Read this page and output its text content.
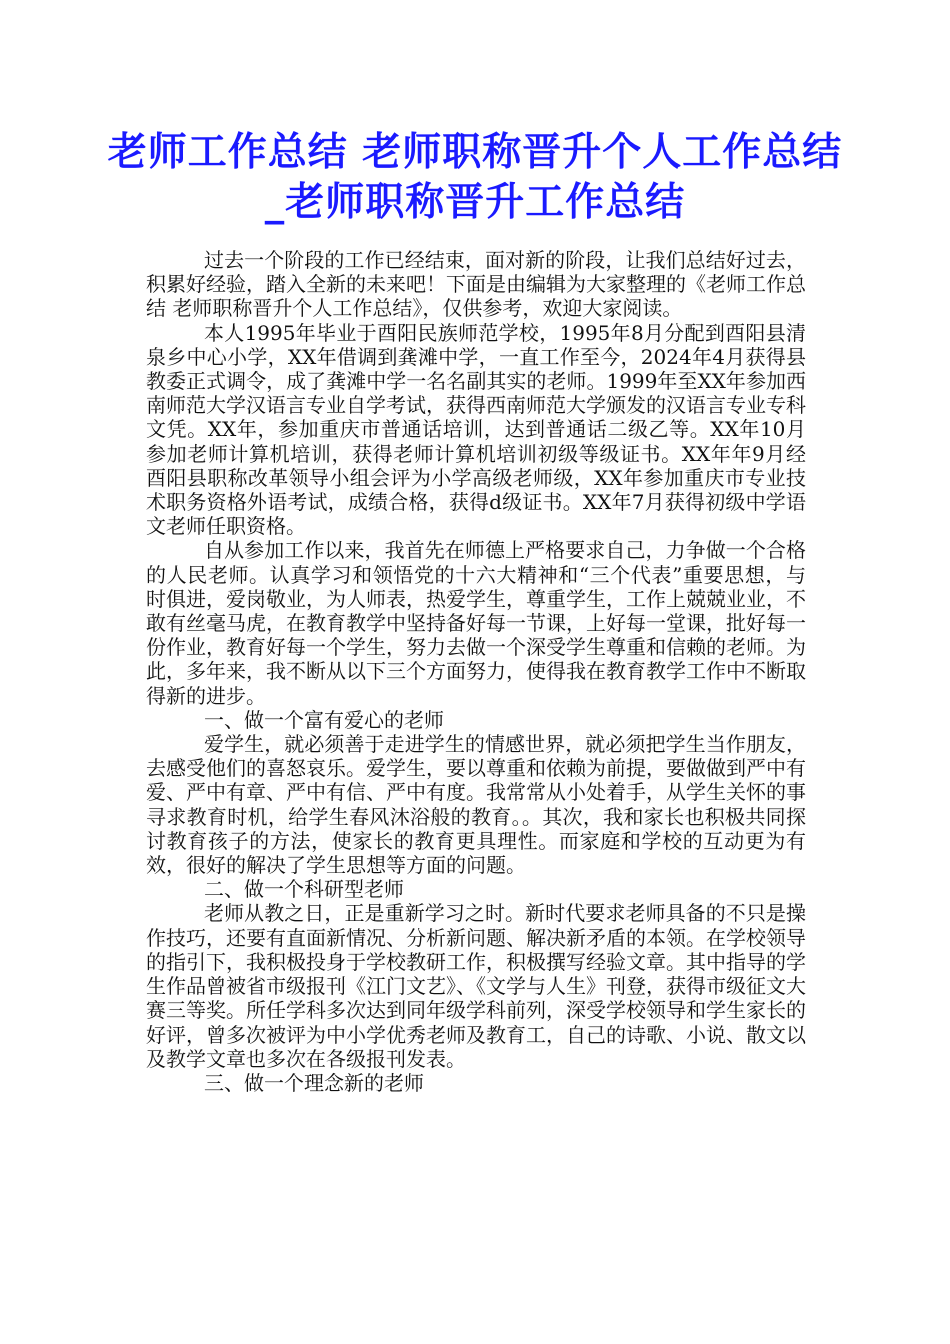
老师工作总结 老师职称晋升个人工作总结_老师职称晋升工作总结

过去一个阶段的工作已经结束，面对新的阶段，让我们总结好过去，积累好经验，踏入全新的未来吧！下面是由编辑为大家整理的《老师工作总结 老师职称晋升个人工作总结》，仅供参考，欢迎大家阅读。

本人1995年毕业于酉阳民族师范学校，1995年8月分配到酉阳县清泉乡中心小学，XX年借调到龚滩中学，一直工作至今，2024年4月获得县教委正式调令，成了龚滩中学一名名副其实的老师。1999年至XX年参加西南师范大学汉语言专业自学考试，获得西南师范大学颁发的汉语言专业专科文凭。XX年，参加重庆市普通话培训，达到普通话二级乙等。XX年10月参加老师计算机培训，获得老师计算机培训初级等级证书。XX年年9月经酉阳县职称改革领导小组会评为小学高级老师级，XX年参加重庆市专业技术职务资格外语考试，成绩合格，获得d级证书。XX年7月获得初级中学语文老师任职资格。

自从参加工作以来，我首先在师德上严格要求自己，力争做一个合格的人民老师。认真学习和领悟党的十六大精神和“三个代表”重要思想，与时俱进，爱岗敬业，为人师表，热爱学生，尊重学生，工作上兢兢业业，不敢有丝毫马虎，在教育教学中坚持备好每一节课，上好每一堂课，批好每一份作业，教育好每一个学生，努力去做一个深受学生尊重和信赖的老师。为此，多年来，我不断从以下三个方面努力，使得我在教育教学工作中不断取得新的进步。

一、做一个富有爱心的老师

爱学生，就必须善于走进学生的情感世界，就必须把学生当作朋友，去感受他们的喜怒哀乐。爱学生，要以尊重和依赖为前提，要做做到严中有爱、严中有章、严中有信、严中有度。我常常从小处着手，从学生关怀的事寻求教育时机，给学生春风沐浴般的教育。。其次，我和家长也积极共同探讨教育孩子的方法，使家长的教育更具理性。而家庭和学校的互动更为有效，很好的解决了学生思想等方面的问题。

二、做一个科研型老师

老师从教之日，正是重新学习之时。新时代要求老师具备的不只是操作技巧，还要有直面新情况、分析新问题、解决新矛盾的本领。在学校领导的指引下，我积极投身于学校教研工作，积极撰写经验文章。其中指导的学生作品曾被省市级报刊《江门文艺》、《文学与人生》刊登，获得市级征文大赛三等奖。所任学科多次达到同年级学科前列，深受学校领导和学生家长的好评，曾多次被评为中小学优秀老师及教育工，自己的诗歌、小说、散文以及教学文章也多次在各级报刊发表。

三、做一个理念新的老师
